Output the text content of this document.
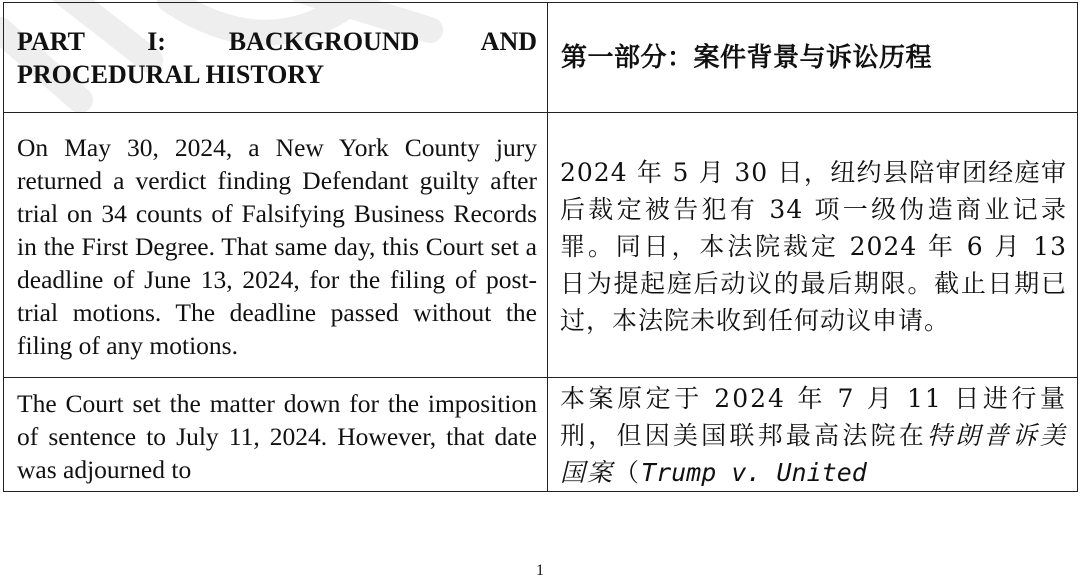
PART I: BACKGROUND AND
PROCEDURAL HISTORY	第一部分：案件背景与诉讼历程

On May 30, 2024, a New York County jury returned a verdict finding Defendant guilty after trial on 34 counts of Falsifying Business Records in the First Degree. That same day, this Court set a deadline of June 13, 2024, for the filing of post-trial motions. The deadline passed without the filing of any motions.	2024 年 5 月 30 日，纽约县陪审团经庭审后裁定被告犯有 34 项一级伪造商业记录罪。同日，本法院裁定 2024 年 6 月 13 日为提起庭后动议的最后期限。截止日期已过，本法院未收到任何动议申请。

The Court set the matter down for the imposition of sentence to July 11, 2024. However, that date was adjourned to	本案原定于 2024 年 7 月 11 日进行量刑，但因美国联邦最高法院在特朗普诉美国案（Trump v. United
1
